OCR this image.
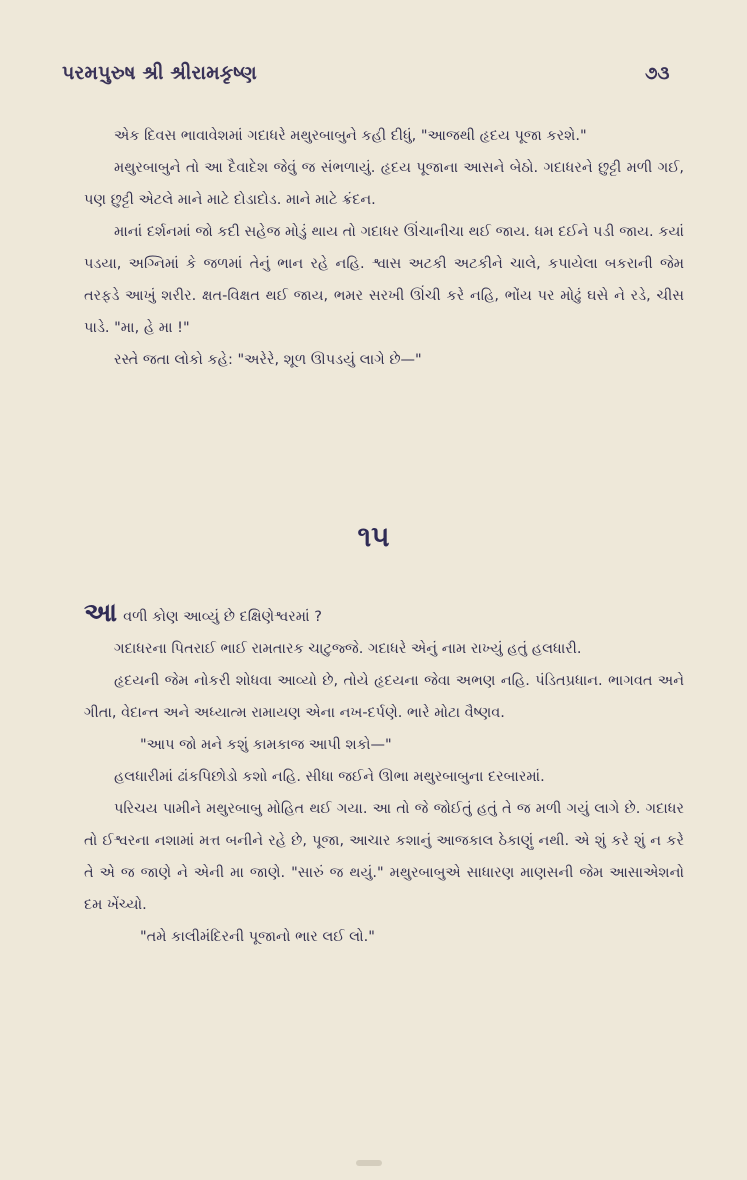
પરમપુરુષ શ્રી શ્રીરામકૃષ્ણ	૭૩

એક દિવસ ભાવાવેશમાં ગદાધરે મથુરબાબુને કહી દીધું, "આજથી હૃદય પૂજા કરશે."

મથુરબાબુને તો આ દૈવાદેશ જેવું જ સંભળાયું. હૃદય પૂજાના આસને બેઠો. ગદાધરને છુટ્ટી મળી ગઈ, પણ છુટ્ટી એટલે માને માટે દોડાદોડ. માને માટે ક્રંદન.

માનાં દર્શનમાં જો કદી સહેજ મોડું થાય તો ગદાધર ઊંચાનીચા થઈ જાય. ધમ દઈને પડી જાય. કયાં પડયા, અગ્નિમાં કે જળમાં તેનું ભાન રહે નહિ. શ્વાસ અટકી અટકીને ચાલે, કપાયેલા બકરાની જેમ તરફડે આખું શરીર. ક્ષત-વિક્ષત થઈ જાય, ભમર સરખી ઊંચી કરે નહિ, ભોંય પર મોઢું ઘસે ને રડે, ચીસ પાડે. "મા, હે મા !"

રસ્તે જતા લોકો કહે: "અરેરે, શૂળ ઊપડયું લાગે છે—"

૧૫

આવળી કોણ આવ્યું છે દક્ષિણેશ્વરમાં ?

ગદાધરના પિતરાઈ ભાઈ રામતારક ચાટુજ્જે. ગદાધરે એનું નામ રાખ્યું હતું હલધારી.

હૃદયની જેમ નોકરી શોધવા આવ્યો છે, તોયે હૃદયના જેવા અભણ નહિ. પંડિતપ્રધાન. ભાગવત અને ગીતા, વેદાન્ત અને અધ્યાત્મ રામાયણ એના નખ-દર્પણે. ભારે મોટા વૈષ્ણવ.

"આપ જો મને કશું કામકાજ આપી શકો—"

હલધારીમાં ઢાંકપિછોડો કશો નહિ. સીધા જઈને ઊભા મથુરબાબુના દરબારમાં.

પરિચય પામીને મથુરબાબુ મોહિત થઈ ગયા. આ તો જે જોઈતું હતું તે જ મળી ગયું લાગે છે. ગદાધર તો ઈશ્વરના નશામાં મત્ત બનીને રહે છે, પૂજા, આચાર કશાનું આજકાલ ઠેકાણું નથી. એ શું કરે શું ન કરે તે એ જ જાણે ને એની મા જાણે. "સારું જ થયું." મથુરબાબુએ સાધારણ માણસની જેમ આસાએશનો દમ ખેંચ્યો.

"તમે કાલીમંદિરની પૂજાનો ભાર લઈ લો."
